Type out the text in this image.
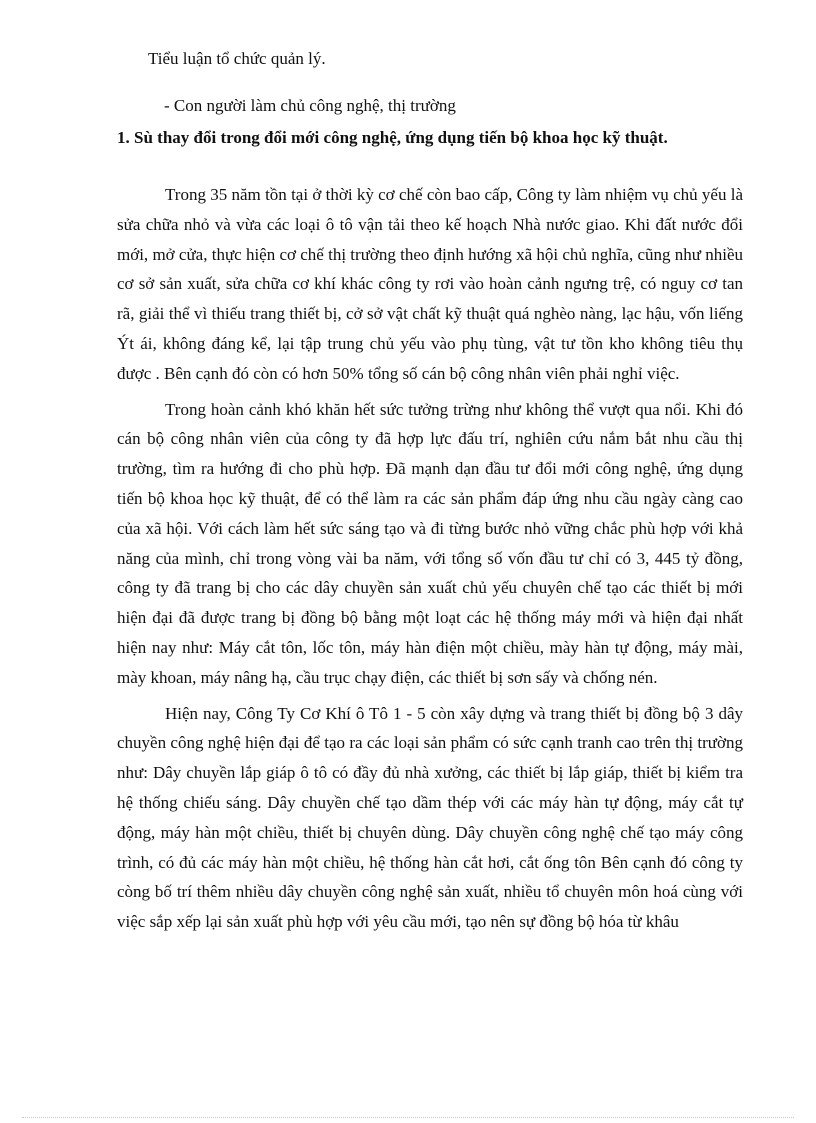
Tiểu luận tổ chức quản lý.
- Con người làm chủ công nghệ, thị trường

1. Sù thay đổi trong đổi mới công nghệ, ứng dụng tiến bộ khoa học kỹ thuật.

Trong 35 năm tồn tại ở thời kỳ cơ chế còn bao cấp, Công ty làm nhiệm vụ chủ yếu là sửa chữa nhỏ và vừa các loại ô tô vận tải theo kế hoạch Nhà nước giao. Khi đất nước đổi mới, mở cửa, thực hiện cơ chế thị trường theo định hướng xã hội chủ nghĩa, cũng như nhiều cơ sở sản xuất, sửa chữa cơ khí khác công ty rơi vào hoàn cảnh ngưng trệ, có nguy cơ tan rã, giải thể vì thiếu trang thiết bị, cở sở vật chất kỹ thuật quá nghèo nàng, lạc hậu, vốn liếng Ýt ái, không đáng kể, lại tập trung chủ yếu vào phụ tùng, vật tư tồn kho không tiêu thụ được . Bên cạnh đó còn có hơn 50% tổng số cán bộ công nhân viên phải nghỉ việc.

Trong hoàn cảnh khó khăn hết sức tưởng trừng như không thể vượt qua nổi. Khi đó cán bộ công nhân viên của công ty đã hợp lực đấu trí, nghiên cứu nắm bắt nhu cầu thị trường, tìm ra hướng đi cho phù hợp. Đã mạnh dạn đầu tư đổi mới công nghệ, ứng dụng tiến bộ khoa học kỹ thuật, để có thể làm ra các sản phẩm đáp ứng nhu cầu ngày càng cao của xã hội. Với cách làm hết sức sáng tạo và đi từng bước nhỏ vững chắc phù hợp với khả năng của mình, chỉ trong vòng vài ba năm, với tổng số vốn đầu tư chỉ có 3, 445 tỷ đồng, công ty đã trang bị cho các dây chuyền sản xuất chủ yếu chuyên chế tạo các thiết bị mới hiện đại đã được trang bị đồng bộ bằng một loạt các hệ thống máy mới và hiện đại nhất hiện nay như: Máy cắt tôn, lốc tôn, máy hàn điện một chiều, mày hàn tự động, máy mài, mày khoan, máy nâng hạ, cầu trục chạy điện, các thiết bị sơn sấy và chống nén.

Hiện nay, Công Ty Cơ Khí ô Tô 1 - 5 còn xây dựng và trang thiết bị đồng bộ 3 dây chuyền công nghệ hiện đại để tạo ra các loại sản phẩm có sức cạnh tranh cao trên thị trường như: Dây chuyền lắp giáp ô tô có đầy đủ nhà xưởng, các thiết bị lắp giáp, thiết bị kiểm tra hệ thống chiếu sáng. Dây chuyền chế tạo dầm thép với các máy hàn tự động, máy cắt tự động, máy hàn một chiều, thiết bị chuyên dùng. Dây chuyền công nghệ chế tạo máy công trình, có đủ các máy hàn một chiều, hệ thống hàn cắt hơi, cắt ống tôn Bên cạnh đó công ty còng bố trí thêm nhiều dây chuyền công nghệ sản xuất, nhiều tổ chuyên môn hoá cùng với việc sắp xếp lại sản xuất phù hợp với yêu cầu mới, tạo nên sự đồng bộ hóa từ khâu
